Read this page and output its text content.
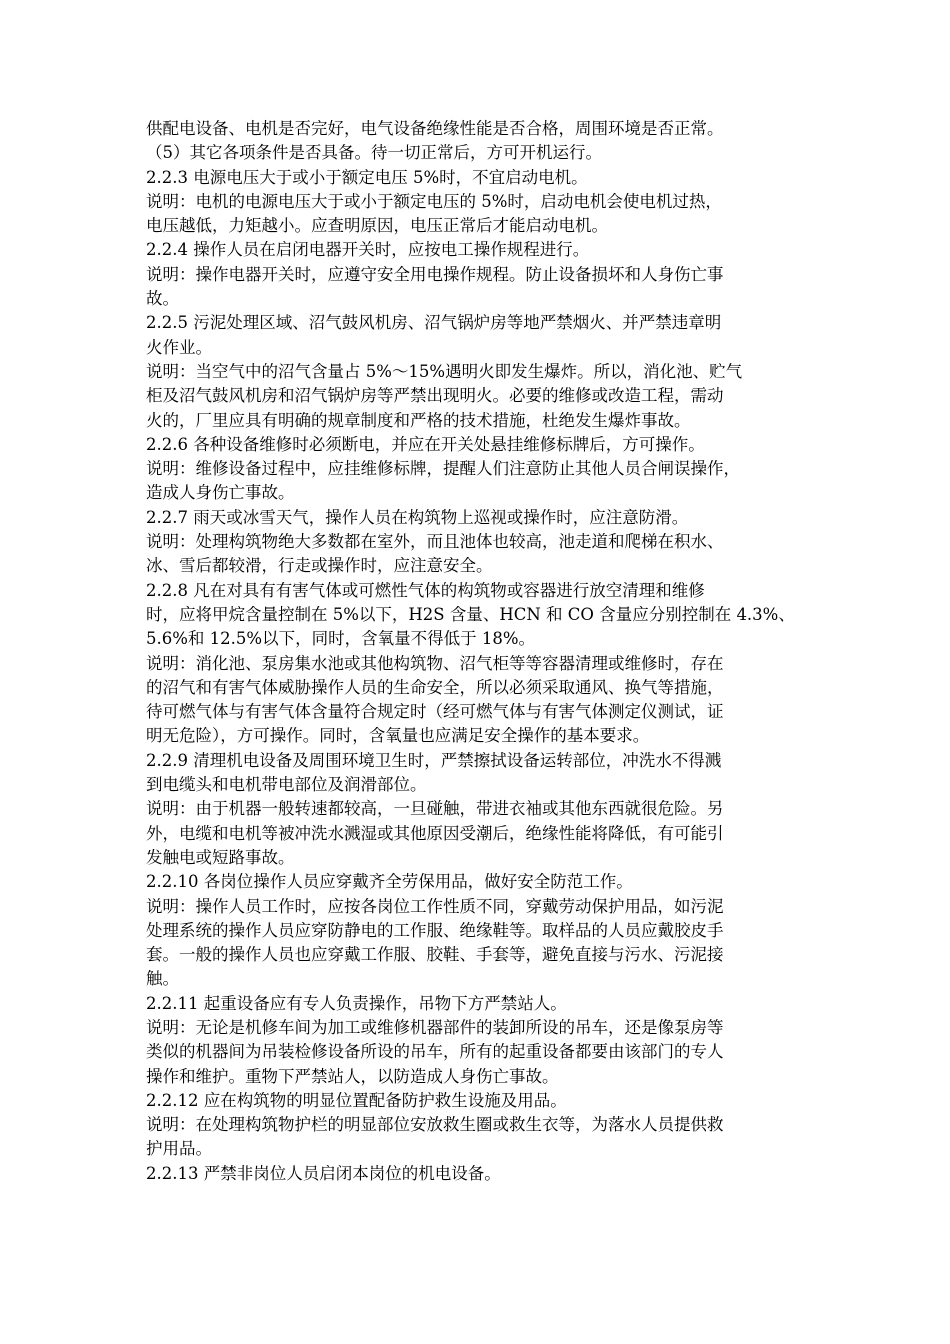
供配电设备、电机是否完好，电气设备绝缘性能是否合格，周围环境是否正常。
（5）其它各项条件是否具备。待一切正常后，方可开机运行。
2.2.3 电源电压大于或小于额定电压 5%时，不宜启动电机。
说明：电机的电源电压大于或小于额定电压的 5%时，启动电机会使电机过热，
电压越低，力矩越小。应查明原因，电压正常后才能启动电机。
2.2.4 操作人员在启闭电器开关时，应按电工操作规程进行。
说明：操作电器开关时，应遵守安全用电操作规程。防止设备损坏和人身伤亡事
故。
2.2.5 污泥处理区域、沼气鼓风机房、沼气锅炉房等地严禁烟火、并严禁违章明
火作业。
说明：当空气中的沼气含量占 5%～15%遇明火即发生爆炸。所以，消化池、贮气
柜及沼气鼓风机房和沼气锅炉房等严禁出现明火。必要的维修或改造工程，需动
火的，厂里应具有明确的规章制度和严格的技术措施，杜绝发生爆炸事故。
2.2.6 各种设备维修时必须断电，并应在开关处悬挂维修标牌后，方可操作。
说明：维修设备过程中，应挂维修标牌，提醒人们注意防止其他人员合闸误操作，
造成人身伤亡事故。
2.2.7 雨天或冰雪天气，操作人员在构筑物上巡视或操作时，应注意防滑。
说明：处理构筑物绝大多数都在室外，而且池体也较高，池走道和爬梯在积水、
冰、雪后都较滑，行走或操作时，应注意安全。
2.2.8 凡在对具有有害气体或可燃性气体的构筑物或容器进行放空清理和维修
时，应将甲烷含量控制在 5%以下，H2S 含量、HCN 和 CO 含量应分别控制在 4.3%、
5.6%和 12.5%以下，同时，含氧量不得低于 18%。
说明：消化池、泵房集水池或其他构筑物、沼气柜等等容器清理或维修时，存在
的沼气和有害气体威胁操作人员的生命安全，所以必须采取通风、换气等措施，
待可燃气体与有害气体含量符合规定时（经可燃气体与有害气体测定仪测试，证
明无危险），方可操作。同时，含氧量也应满足安全操作的基本要求。
2.2.9 清理机电设备及周围环境卫生时，严禁擦拭设备运转部位，冲洗水不得溅
到电缆头和电机带电部位及润滑部位。
说明：由于机器一般转速都较高，一旦碰触，带进衣袖或其他东西就很危险。另
外，电缆和电机等被冲洗水溅湿或其他原因受潮后，绝缘性能将降低，有可能引
发触电或短路事故。
2.2.10 各岗位操作人员应穿戴齐全劳保用品，做好安全防范工作。
说明：操作人员工作时，应按各岗位工作性质不同，穿戴劳动保护用品，如污泥
处理系统的操作人员应穿防静电的工作服、绝缘鞋等。取样品的人员应戴胶皮手
套。一般的操作人员也应穿戴工作服、胶鞋、手套等，避免直接与污水、污泥接
触。
2.2.11 起重设备应有专人负责操作，吊物下方严禁站人。
说明：无论是机修车间为加工或维修机器部件的装卸所设的吊车，还是像泵房等
类似的机器间为吊装检修设备所设的吊车，所有的起重设备都要由该部门的专人
操作和维护。重物下严禁站人，以防造成人身伤亡事故。
2.2.12 应在构筑物的明显位置配备防护救生设施及用品。
说明：在处理构筑物护栏的明显部位安放救生圈或救生衣等，为落水人员提供救
护用品。
2.2.13 严禁非岗位人员启闭本岗位的机电设备。
